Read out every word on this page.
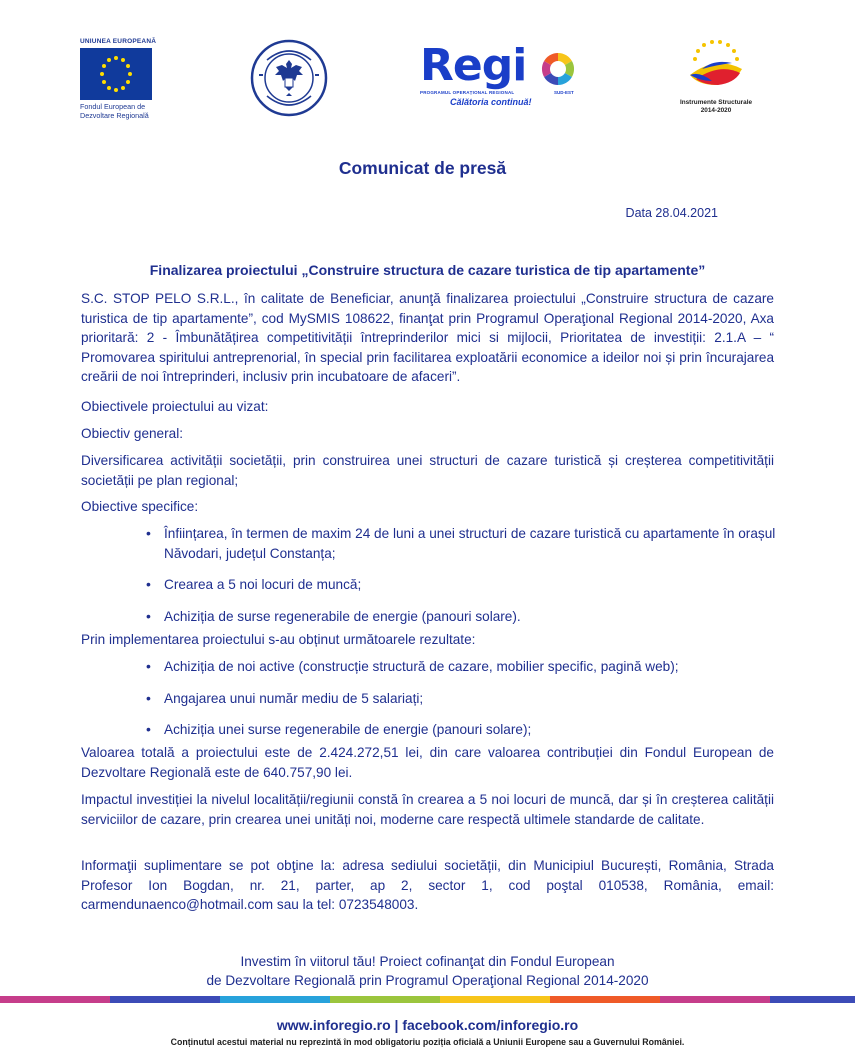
UNIUNEA EUROPEANĂ
Fondul European de
Dezvoltare Regională
Regi
PROGRAMUL OPERAȚIONAL REGIONAL	SUD-EST
Călătoria continuă!	Instrumente Structurale
2014-2020
Comunicat de presă
Data 28.04.2021
Finalizarea proiectului „Construire structura de cazare turistica de tip apartamente”

S.C. STOP PELO S.R.L., în calitate de Beneficiar, anunţă finalizarea proiectului „Construire structura de cazare turistica de tip apartamente”, cod MySMIS 108622, finanţat prin Programul Operaţional Regional 2014-2020, Axa prioritară: 2 - Îmbunătățirea competitivității întreprinderilor mici si mijlocii, Prioritatea de investiții: 2.1.A – “ Promovarea spiritului antreprenorial, în special prin facilitarea exploatării economice a ideilor noi și prin încurajarea creării de noi întreprinderi, inclusiv prin incubatoare de afaceri”.

Obiectivele proiectului au vizat:

Obiectiv general:

Diversificarea activității societății, prin construirea unei structuri de cazare turistică și creșterea competitivității societății pe plan regional;

Obiective specifice:

• Înființarea, în termen de maxim 24 de luni a unei structuri de cazare turistică cu apartamente în orașul Năvodari, județul Constanța;
• Crearea a 5 noi locuri de muncă;
• Achiziția de surse regenerabile de energie (panouri solare).

Prin implementarea proiectului s-au obținut următoarele rezultate:

• Achiziția de noi active (construcție structură de cazare, mobilier specific, pagină web);
• Angajarea unui număr mediu de 5 salariați;
• Achiziția unei surse regenerabile de energie (panouri solare);

Valoarea totală a proiectului este de 2.424.272,51 lei, din care valoarea contribuției din Fondul European de Dezvoltare Regională este de 640.757,90 lei.

Impactul investiției la nivelul localității/regiunii constă în crearea a 5 noi locuri de muncă, dar și în creșterea calității serviciilor de cazare, prin crearea unei unități noi, moderne care respectă ultimele standarde de calitate.

Informaţii suplimentare se pot obţine la: adresa sediului societății, din Municipiul București, România, Strada Profesor Ion Bogdan, nr. 21, parter, ap 2, sector 1, cod poştal 010538, România, email: carmendunaenco@hotmail.com sau la tel: 0723548003.

Investim în viitorul tău! Proiect cofinanţat din Fondul European
de Dezvoltare Regională prin Programul Operaţional Regional 2014-2020
www.inforegio.ro | facebook.com/inforegio.ro
Conținutul acestui material nu reprezintă în mod obligatoriu poziția oficială a Uniunii Europene sau a Guvernului României.
